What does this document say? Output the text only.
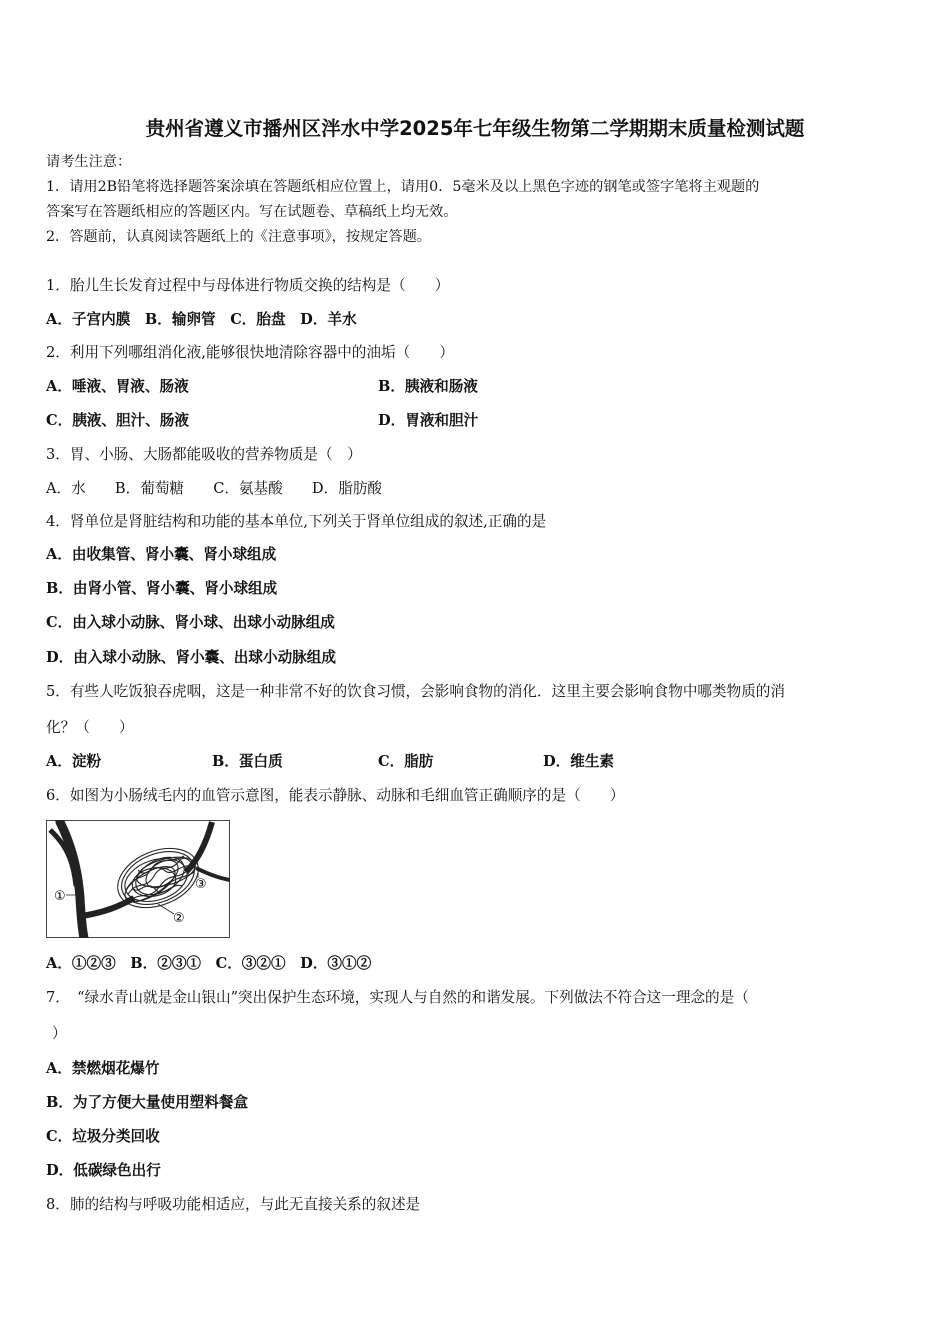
贵州省遵义市播州区泮水中学2025年七年级生物第二学期期末质量检测试题
请考生注意：
1．请用2B铅笔将选择题答案涂填在答题纸相应位置上，请用0．5毫米及以上黑色字迹的钢笔或签字笔将主观题的
答案写在答题纸相应的答题区内。写在试题卷、草稿纸上均无效。
2．答题前，认真阅读答题纸上的《注意事项》，按规定答题。
1．胎儿生长发育过程中与母体进行物质交换的结构是（　　）
A．子宫内膜　B．输卵管　C．胎盘　D．羊水
2．利用下列哪组消化液,能够很快地清除容器中的油垢（　　）
A．唾液、胃液、肠液	B．胰液和肠液
C．胰液、胆汁、肠液	D．胃液和胆汁
3．胃、小肠、大肠都能吸收的营养物质是（　）
A．水　　B．葡萄糖　　C．氨基酸　　D．脂肪酸
4．肾单位是肾脏结构和功能的基本单位,下列关于肾单位组成的叙述,正确的是
A．由收集管、肾小囊、肾小球组成
B．由肾小管、肾小囊、肾小球组成
C．由入球小动脉、肾小球、出球小动脉组成
D．由入球小动脉、肾小囊、出球小动脉组成
5．有些人吃饭狼吞虎咽，这是一种非常不好的饮食习惯，会影响食物的消化．这里主要会影响食物中哪类物质的消
化？（　　）
A．淀粉	B．蛋白质	C．脂肪	D．维生素
6．如图为小肠绒毛内的血管示意图，能表示静脉、动脉和毛细血管正确顺序的是（　　）
①
②
③
A．①②③　B．②③①　C．③②①　D．③①②
7．　“绿水青山就是金山银山”突出保护生态环境，实现人与自然的和谐发展。下列做法不符合这一理念的是（
）
A．禁燃烟花爆竹
B．为了方便大量使用塑料餐盒
C．垃圾分类回收
D．低碳绿色出行
8．肺的结构与呼吸功能相适应，与此无直接关系的叙述是
